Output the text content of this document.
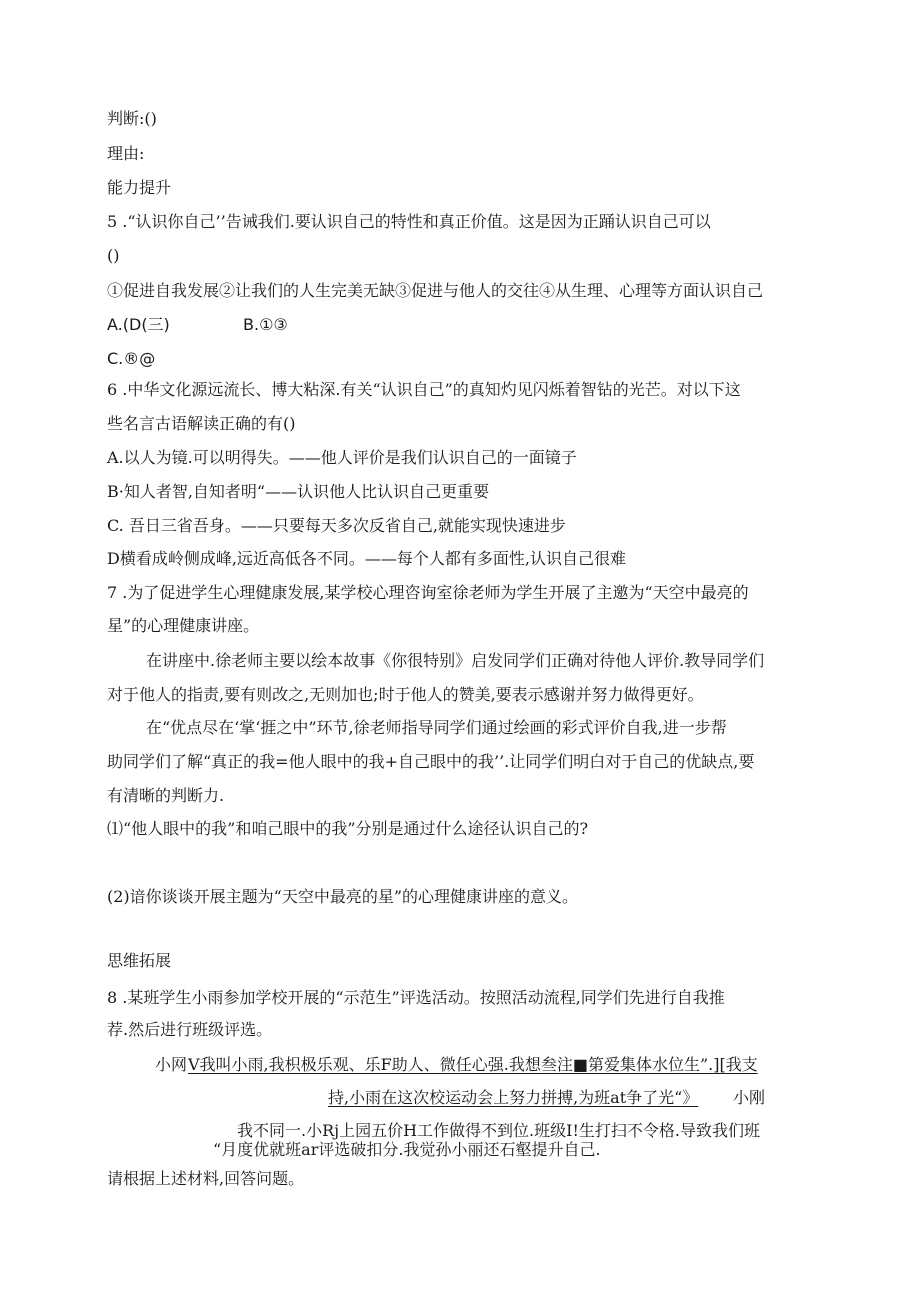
判断:()
理由:
能力提升
5 .“认识你自己’’告诫我们.要认识自己的特性和真正价值。这是因为正踊认识自己可以
()
①促进自我发展②让我们的人生完美无缺③促进与他人的交往④从生理、心理等方面认识自己
A.(D(三)	B.①③
C.®@
6 .中华文化源远流长、博大粘深.有关“认识自己”的真知灼见闪烁着智钻的光芒。对以下这
些名言古语解读正确的有()
A.以人为镜.可以明得失。——他人评价是我们认识自己的一面镜子
B·知人者智,自知者明“——认识他人比认识自己更重要
C. 吾日三省吾身。——只要每天多次反省自己,就能实现快速进步
D横看成岭侧成峰,远近高低各不同。——每个人都有多面性,认识自己很难
7 .为了促进学生心理健康发展,某学校心理咨询室徐老师为学生开展了主邀为“天空中最亮的
星”的心理健康讲座。
在讲座中.徐老师主要以绘本故事《你很特别》启发同学们正确对待他人评价.教导同学们
对于他人的指责,要有则改之,无则加也;时于他人的赞美,要表示感谢并努力做得更好。
在“优点尽在‘掌‘捱之中”环节,徐老师指导同学们通过绘画的彩式评价自我,进一步帮
助同学们了解“真正的我=他人眼中的我+自己眼中的我’’.让同学们明白对于自己的优缺点,要
有清晰的判断力.
⑴“他人眼中的我”和咱己眼中的我”分别是通过什么途径认识自己的?
(2)谙你谈谈开展主题为“天空中最亮的星”的心理健康讲座的意义。
思维拓展
8 .某班学生小雨参加学校开展的“示范生”评选活动。按照活动流程,同学们先进行自我推
荐.然后进行班级评选。
小网 V我叫小雨,我枳极乐观、乐F助人、微任心强.我想叁注■第爱集体水位生”.][我支
持,小雨在这次校运动会上努力拼搏,为班at争了光“》 小刚
我不同一.小Rj上园五价H工作做得不到位.班级I!生打扫不令格.导致我们班
“月度优就班ar评选破扣分.我觉孙小丽还石壑提升自己.
请根据上述材料,回答问题。
